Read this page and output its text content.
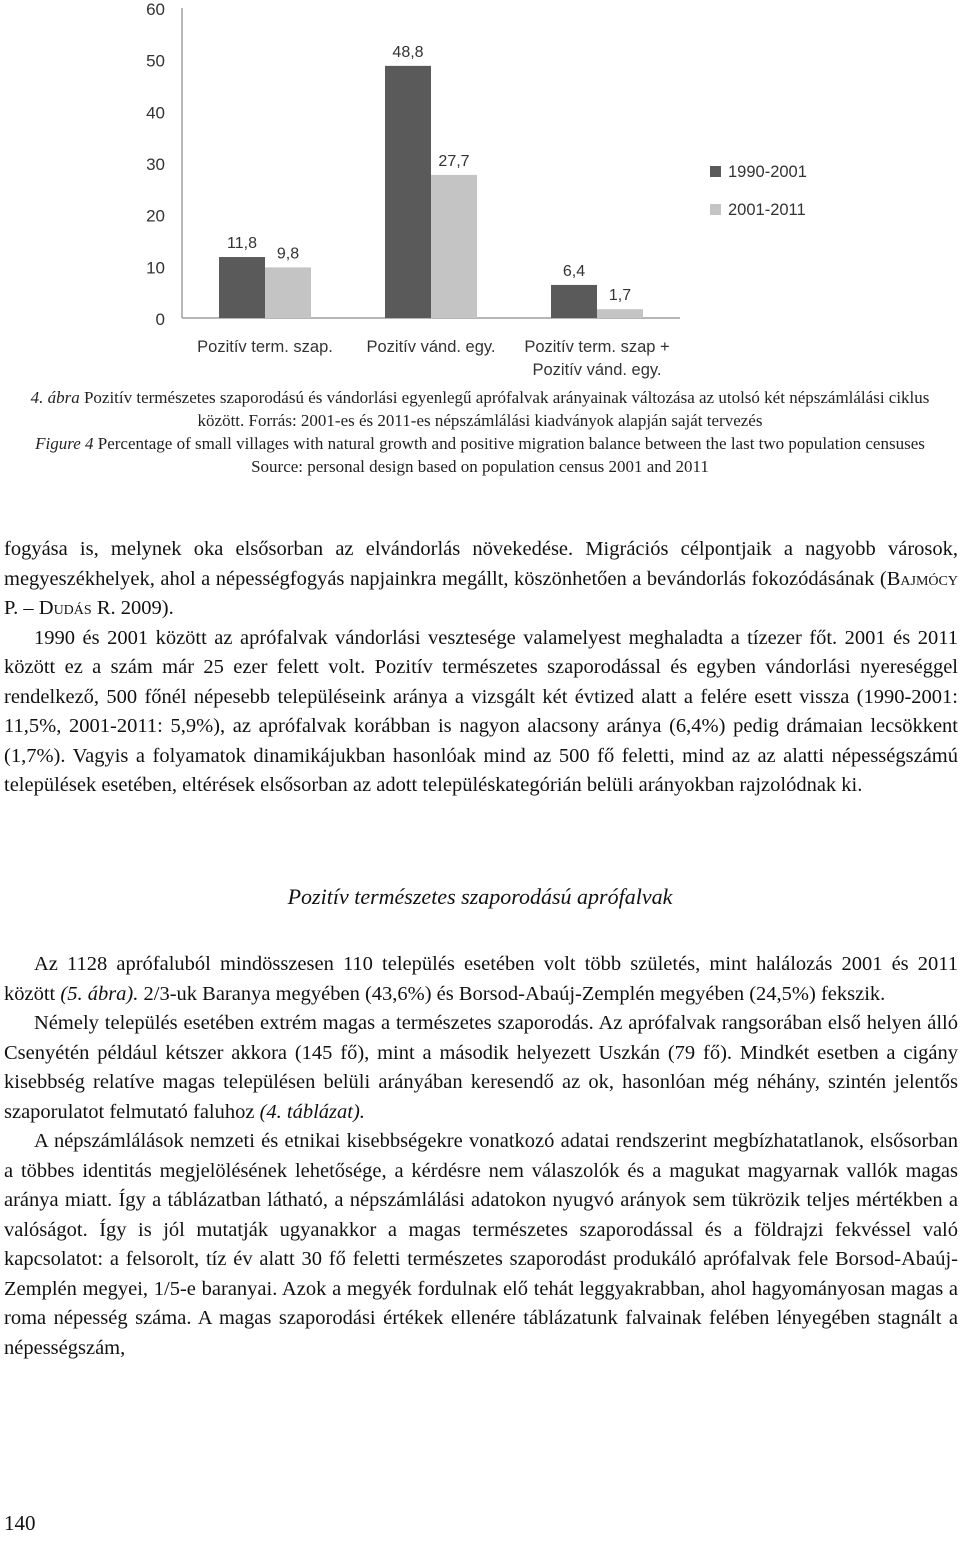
0
10
20
30
40
50
60
11,8
9,8
Pozitív term. szap.
48,8
27,7
Pozitív vánd. egy.
6,4
1,7
Pozitív term. szap +
Pozitív vánd. egy.
1990-2001
2001-2011

4. ábra Pozitív természetes szaporodású és vándorlási egyenlegű aprófalvak arányainak változása az utolsó két népszámlálási ciklus között. Forrás: 2001-es és 2011-es népszámlálási kiadványok alapján saját tervezés

Figure 4 Percentage of small villages with natural growth and positive migration balance between the last two population censuses

Source: personal design based on population census 2001 and 2011

fogyása is, melynek oka elsősorban az elvándorlás növekedése. Migrációs célpontjaik a nagyobb városok, megyeszékhelyek, ahol a népességfogyás napjainkra megállt, köszönhetően a bevándorlás fokozódásának (Bajmócy P. – Dudás R. 2009).

1990 és 2001 között az aprófalvak vándorlási vesztesége valamelyest meghaladta a tízezer főt. 2001 és 2011 között ez a szám már 25 ezer felett volt. Pozitív természetes szaporodással és egyben vándorlási nyereséggel rendelkező, 500 főnél népesebb településeink aránya a vizsgált két évtized alatt a felére esett vissza (1990-2001: 11,5%, 2001-2011: 5,9%), az aprófalvak korábban is nagyon alacsony aránya (6,4%) pedig drámaian lecsökkent (1,7%). Vagyis a folyamatok dinamikájukban hasonlóak mind az 500 fő feletti, mind az az alatti népességszámú települések esetében, eltérések elsősorban az adott településkategórián belüli arányokban rajzolódnak ki.

Pozitív természetes szaporodású aprófalvak

Az 1128 aprófaluból mindösszesen 110 település esetében volt több születés, mint halálozás 2001 és 2011 között (5. ábra). 2/3-uk Baranya megyében (43,6%) és Borsod-Abaúj-Zemplén megyében (24,5%) fekszik.

Némely település esetében extrém magas a természetes szaporodás. Az aprófalvak rangsorában első helyen álló Csenyétén például kétszer akkora (145 fő), mint a második helyezett Uszkán (79 fő). Mindkét esetben a cigány kisebbség relatíve magas településen belüli arányában keresendő az ok, hasonlóan még néhány, szintén jelentős szaporulatot felmutató faluhoz (4. táblázat).

A népszámlálások nemzeti és etnikai kisebbségekre vonatkozó adatai rendszerint megbízhatatlanok, elsősorban a többes identitás megjelölésének lehetősége, a kérdésre nem válaszolók és a magukat magyarnak vallók magas aránya miatt. Így a táblázatban látható, a népszámlálási adatokon nyugvó arányok sem tükrözik teljes mértékben a valóságot. Így is jól mutatják ugyanakkor a magas természetes szaporodással és a földrajzi fekvéssel való kapcsolatot: a felsorolt, tíz év alatt 30 fő feletti természetes szaporodást produkáló aprófalvak fele Borsod-Abaúj-Zemplén megyei, 1/5-e baranyai. Azok a megyék fordulnak elő tehát leggyakrabban, ahol hagyományosan magas a roma népesség száma. A magas szaporodási értékek ellenére táblázatunk falvainak felében lényegében stagnált a népességszám,

140
